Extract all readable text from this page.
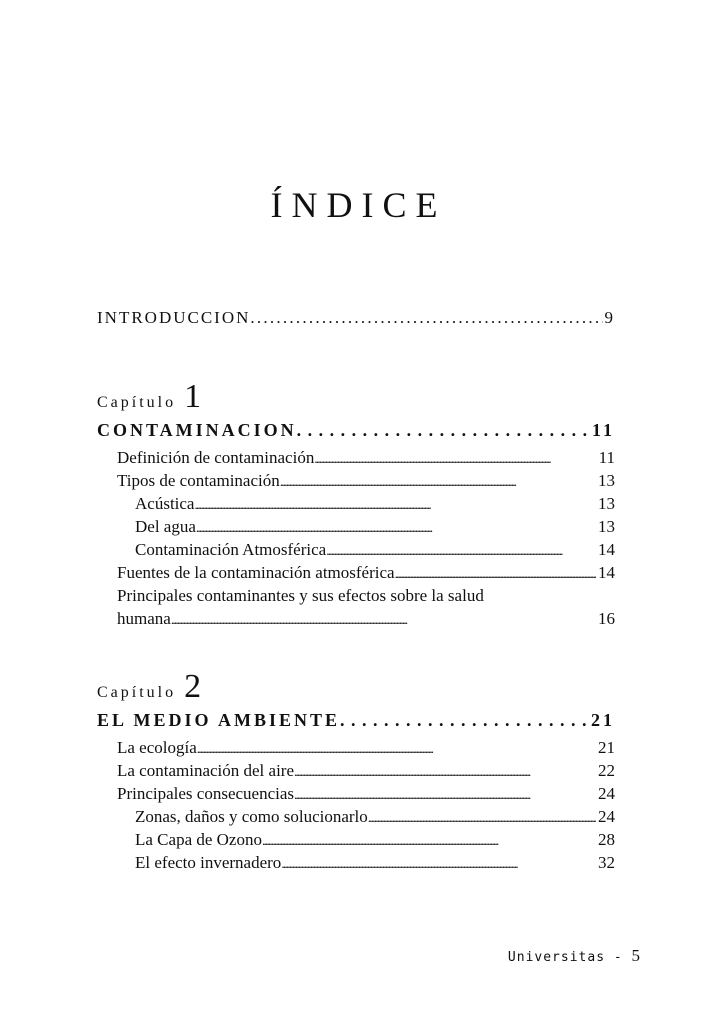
ÍNDICE
INTRODUCCION . . .	9
Capítulo 1
CONTAMINACION . . .	11
Definición de contaminación . . .	11
Tipos de contaminación . . .	13
Acústica . . .	13
Del agua . . .	13
Contaminación Atmosférica . . .	14
Fuentes de la contaminación atmosférica . . .	14
Principales contaminantes y sus efectos sobre la salud
humana . . .	16
Capítulo 2
EL MEDIO AMBIENTE . . .	21
La ecología . . .	21
La contaminación del aire . . .	22
Principales consecuencias . . .	24
Zonas, daños y como solucionarlo . . .	24
La Capa de Ozono . . .	28
El efecto invernadero . . .	32
Universitas - 5
